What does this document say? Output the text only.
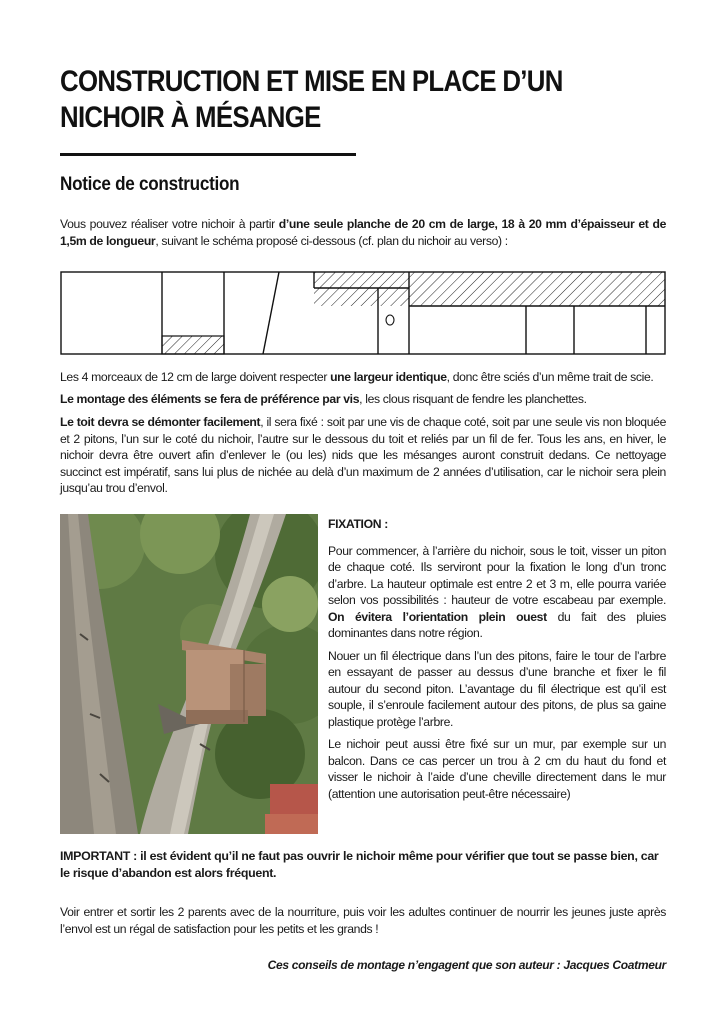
CONSTRUCTION ET MISE EN PLACE D’UN
NICHOIR À MÉSANGE
Notice de construction

Vous pouvez réaliser votre nichoir à partir d’une seule planche de 20 cm de large, 18 à 20 mm d’épaisseur et de 1,5m de longueur, suivant le schéma proposé ci-dessous (cf. plan du nichoir au verso) :

Les 4 morceaux de 12 cm de large doivent respecter une largeur identique, donc être sciés d’un même trait de scie.

Le montage des éléments se fera de préférence par vis, les clous risquant de fendre les planchettes.

Le toit devra se démonter facilement, il sera fixé : soit par une vis de chaque coté, soit par une seule vis non bloquée et 2 pitons, l’un sur le coté du nichoir, l’autre sur le dessous du toit et reliés par un fil de fer. Tous les ans, en hiver, le nichoir devra être ouvert afin d’enlever le (ou les) nids que les mésanges auront construit dedans. Ce nettoyage succinct est impératif, sans lui plus de nichée au delà d’un maximum de 2 années d’utilisation, car le nichoir sera plein jusqu’au trou d’envol.

FIXATION :

Pour commencer, à l’arrière du nichoir, sous le toit, visser un piton de chaque coté. Ils serviront pour la fixation le long d’un tronc d’arbre. La hauteur optimale est entre 2 et 3 m, elle pourra variée selon vos possibilités : hauteur de votre escabeau par exemple. On évitera l’orientation plein ouest du fait des pluies dominantes dans notre région.

Nouer un fil électrique dans l’un des pitons, faire le tour de l’arbre en essayant de passer au dessus d’une branche et fixer le fil autour du second piton. L’avantage du fil électrique est qu’il est souple, il s’enroule facilement autour des pitons, de plus sa gaine plastique protège l’arbre.

Le nichoir peut aussi être fixé sur un mur, par exemple sur un balcon. Dans ce cas percer un trou à 2 cm du haut du fond et visser le nichoir à l’aide d’une cheville directement dans le mur (attention une autorisation peut-être nécessaire)

IMPORTANT : il est évident qu’il ne faut pas ouvrir le nichoir même pour vérifier que tout se passe bien, car le risque d’abandon est alors fréquent.

Voir entrer et sortir les 2 parents avec de la nourriture, puis voir les adultes continuer de nourrir les jeunes juste après l’envol est un régal de satisfaction pour les petits et les grands !

Ces conseils de montage n’engagent que son auteur : Jacques Coatmeur
